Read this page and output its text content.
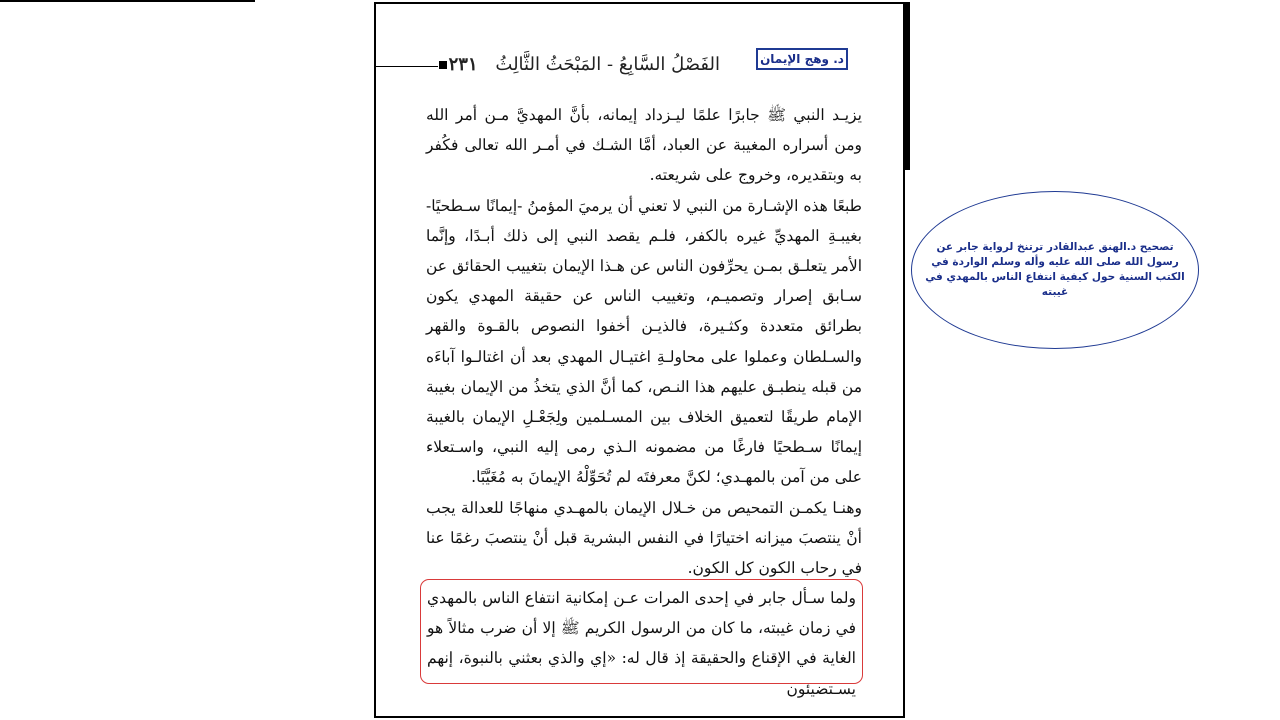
الفَصْلُ السَّابِعُ - المَبْحَثُ الثَّالِثُ ٢٣١	د. وهج الإيمان

يزيـد النبي ﷺ جابرًا علمًا ليـزداد إيمانه، بأنَّ المهديَّ مـن أمر الله ومن أسراره المغيبة عن العباد، أمَّا الشـك في أمـر الله تعالى فكُفر به وبتقديره، وخروج على شريعته.

طبعًا هذه الإشـارة من النبي لا تعني أن يرميَ المؤمنُ -إيمانًا سـطحيًا- بغيبـةِ المهديِّ غيره بالكفر، فلـم يقصد النبي إلى ذلك أبـدًا، وإنَّما الأمر يتعلـق بمـن يحرِّفون الناس عن هـذا الإيمان بتغييب الحقائق عن سـابق إصرار وتصميـم، وتغييب الناس عن حقيقة المهدي يكون بطرائق متعددة وكثـيرة، فالذيـن أخفوا النصوص بالقـوة والقهر والسـلطان وعملوا على محاولـةِ اغتيـال المهدي بعد أن اغتالـوا آباءَه من قبله ينطبـق عليهم هذا النـص، كما أنَّ الذي يتخذُ من الإيمان بغيبة الإمام طريقًا لتعميق الخلاف بين المسـلمين ولِجَعْـلِ الإيمان بالغيبة إيمانًا سـطحيًا فارغًا من مضمونه الـذي رمى إليه النبي، واسـتعلاء على من آمن بالمهـدي؛ لكنَّ معرفتَه لم تُحَوِّلْهُ الإيمانَ به مُغَيَّبًا.

وهنـا يكمـن التمحيص من خـلال الإيمان بالمهـدي منهاجًا للعدالة يجب أنْ ينتصبَ ميزانه اختيارًا في النفس البشرية قبل أنْ ينتصبَ رغمًا عنا في رحاب الكون كل الكون.

ولما سـأل جابر في إحدى المرات عـن إمكانية انتفاع الناس بالمهدي في زمان غيبته، ما كان من الرسول الكريم ﷺ إلا أن ضرب مثالاً هو الغاية في الإقناع والحقيقة إذ قال له: «إي والذي بعثني بالنبوة، إنهم يسـتضيئون

تصحيح د.الهنق عبدالقادر ترتنخ لرواية جابر عن رسول الله صلى الله عليه وأله وسلم الواردة في الكتب السنية حول كيفية انتفاع الناس بالمهدي في غيبته
